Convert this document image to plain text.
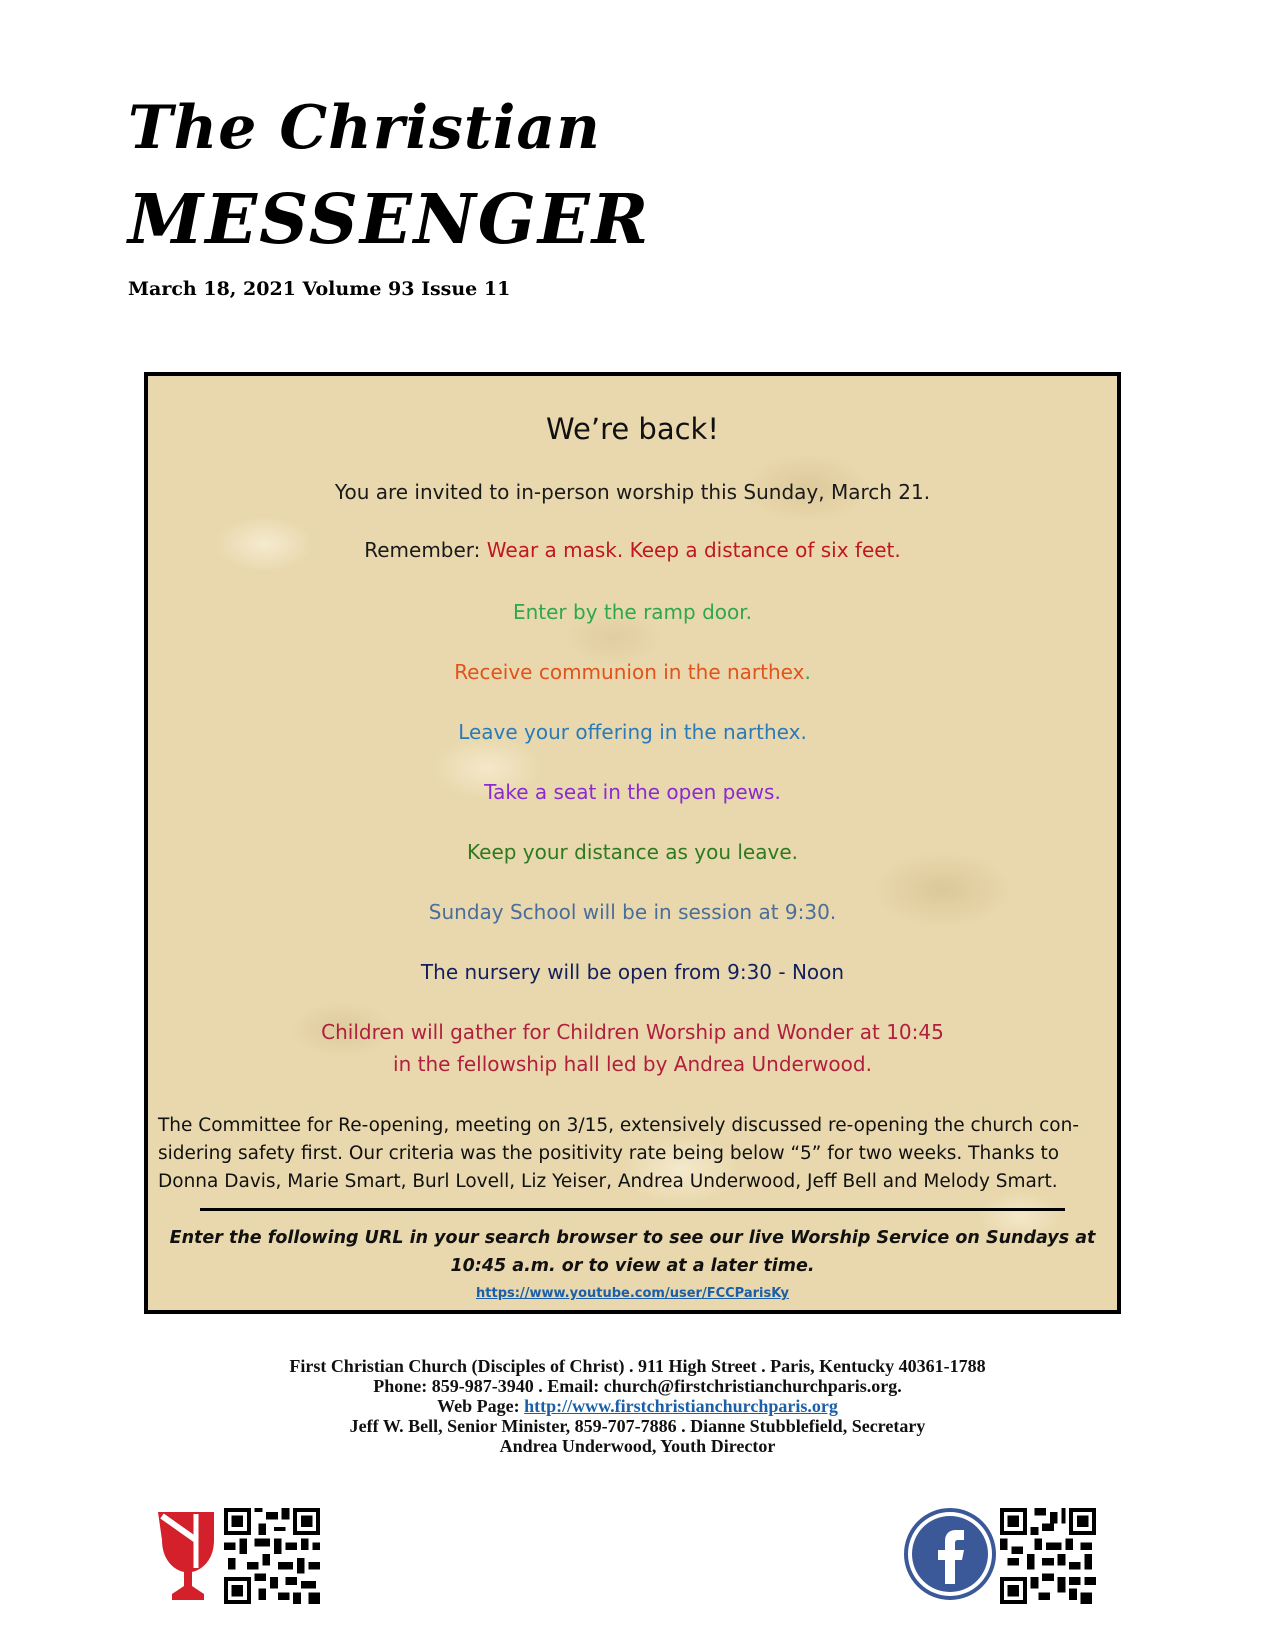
The Christian
MESSENGER
March 18, 2021 Volume 93 Issue 11
We’re back!
You are invited to in-person worship this Sunday, March 21.
Remember: Wear a mask. Keep a distance of six feet.
Enter by the ramp door.
Receive communion in the narthex.
Leave your offering in the narthex.
Take a seat in the open pews.
Keep your distance as you leave.
Sunday School will be in session at 9:30.
The nursery will be open from 9:30 - Noon
Children will gather for Children Worship and Wonder at 10:45
in the fellowship hall led by Andrea Underwood.
The Committee for Re-opening, meeting on 3/15, extensively discussed re-opening the church con-
sidering safety first. Our criteria was the positivity rate being below “5” for two weeks. Thanks to
Donna Davis, Marie Smart, Burl Lovell, Liz Yeiser, Andrea Underwood, Jeff Bell and Melody Smart.
Enter the following URL in your search browser to see our live Worship Service on Sundays at
10:45 a.m. or to view at a later time.
https://www.youtube.com/user/FCCParisKy
First Christian Church (Disciples of Christ) . 911 High Street . Paris, Kentucky 40361-1788
Phone: 859-987-3940 . Email: church@firstchristianchurchparis.org.
Web Page: http://www.firstchristianchurchparis.org
Jeff W. Bell, Senior Minister, 859-707-7886 . Dianne Stubblefield, Secretary
Andrea Underwood, Youth Director
